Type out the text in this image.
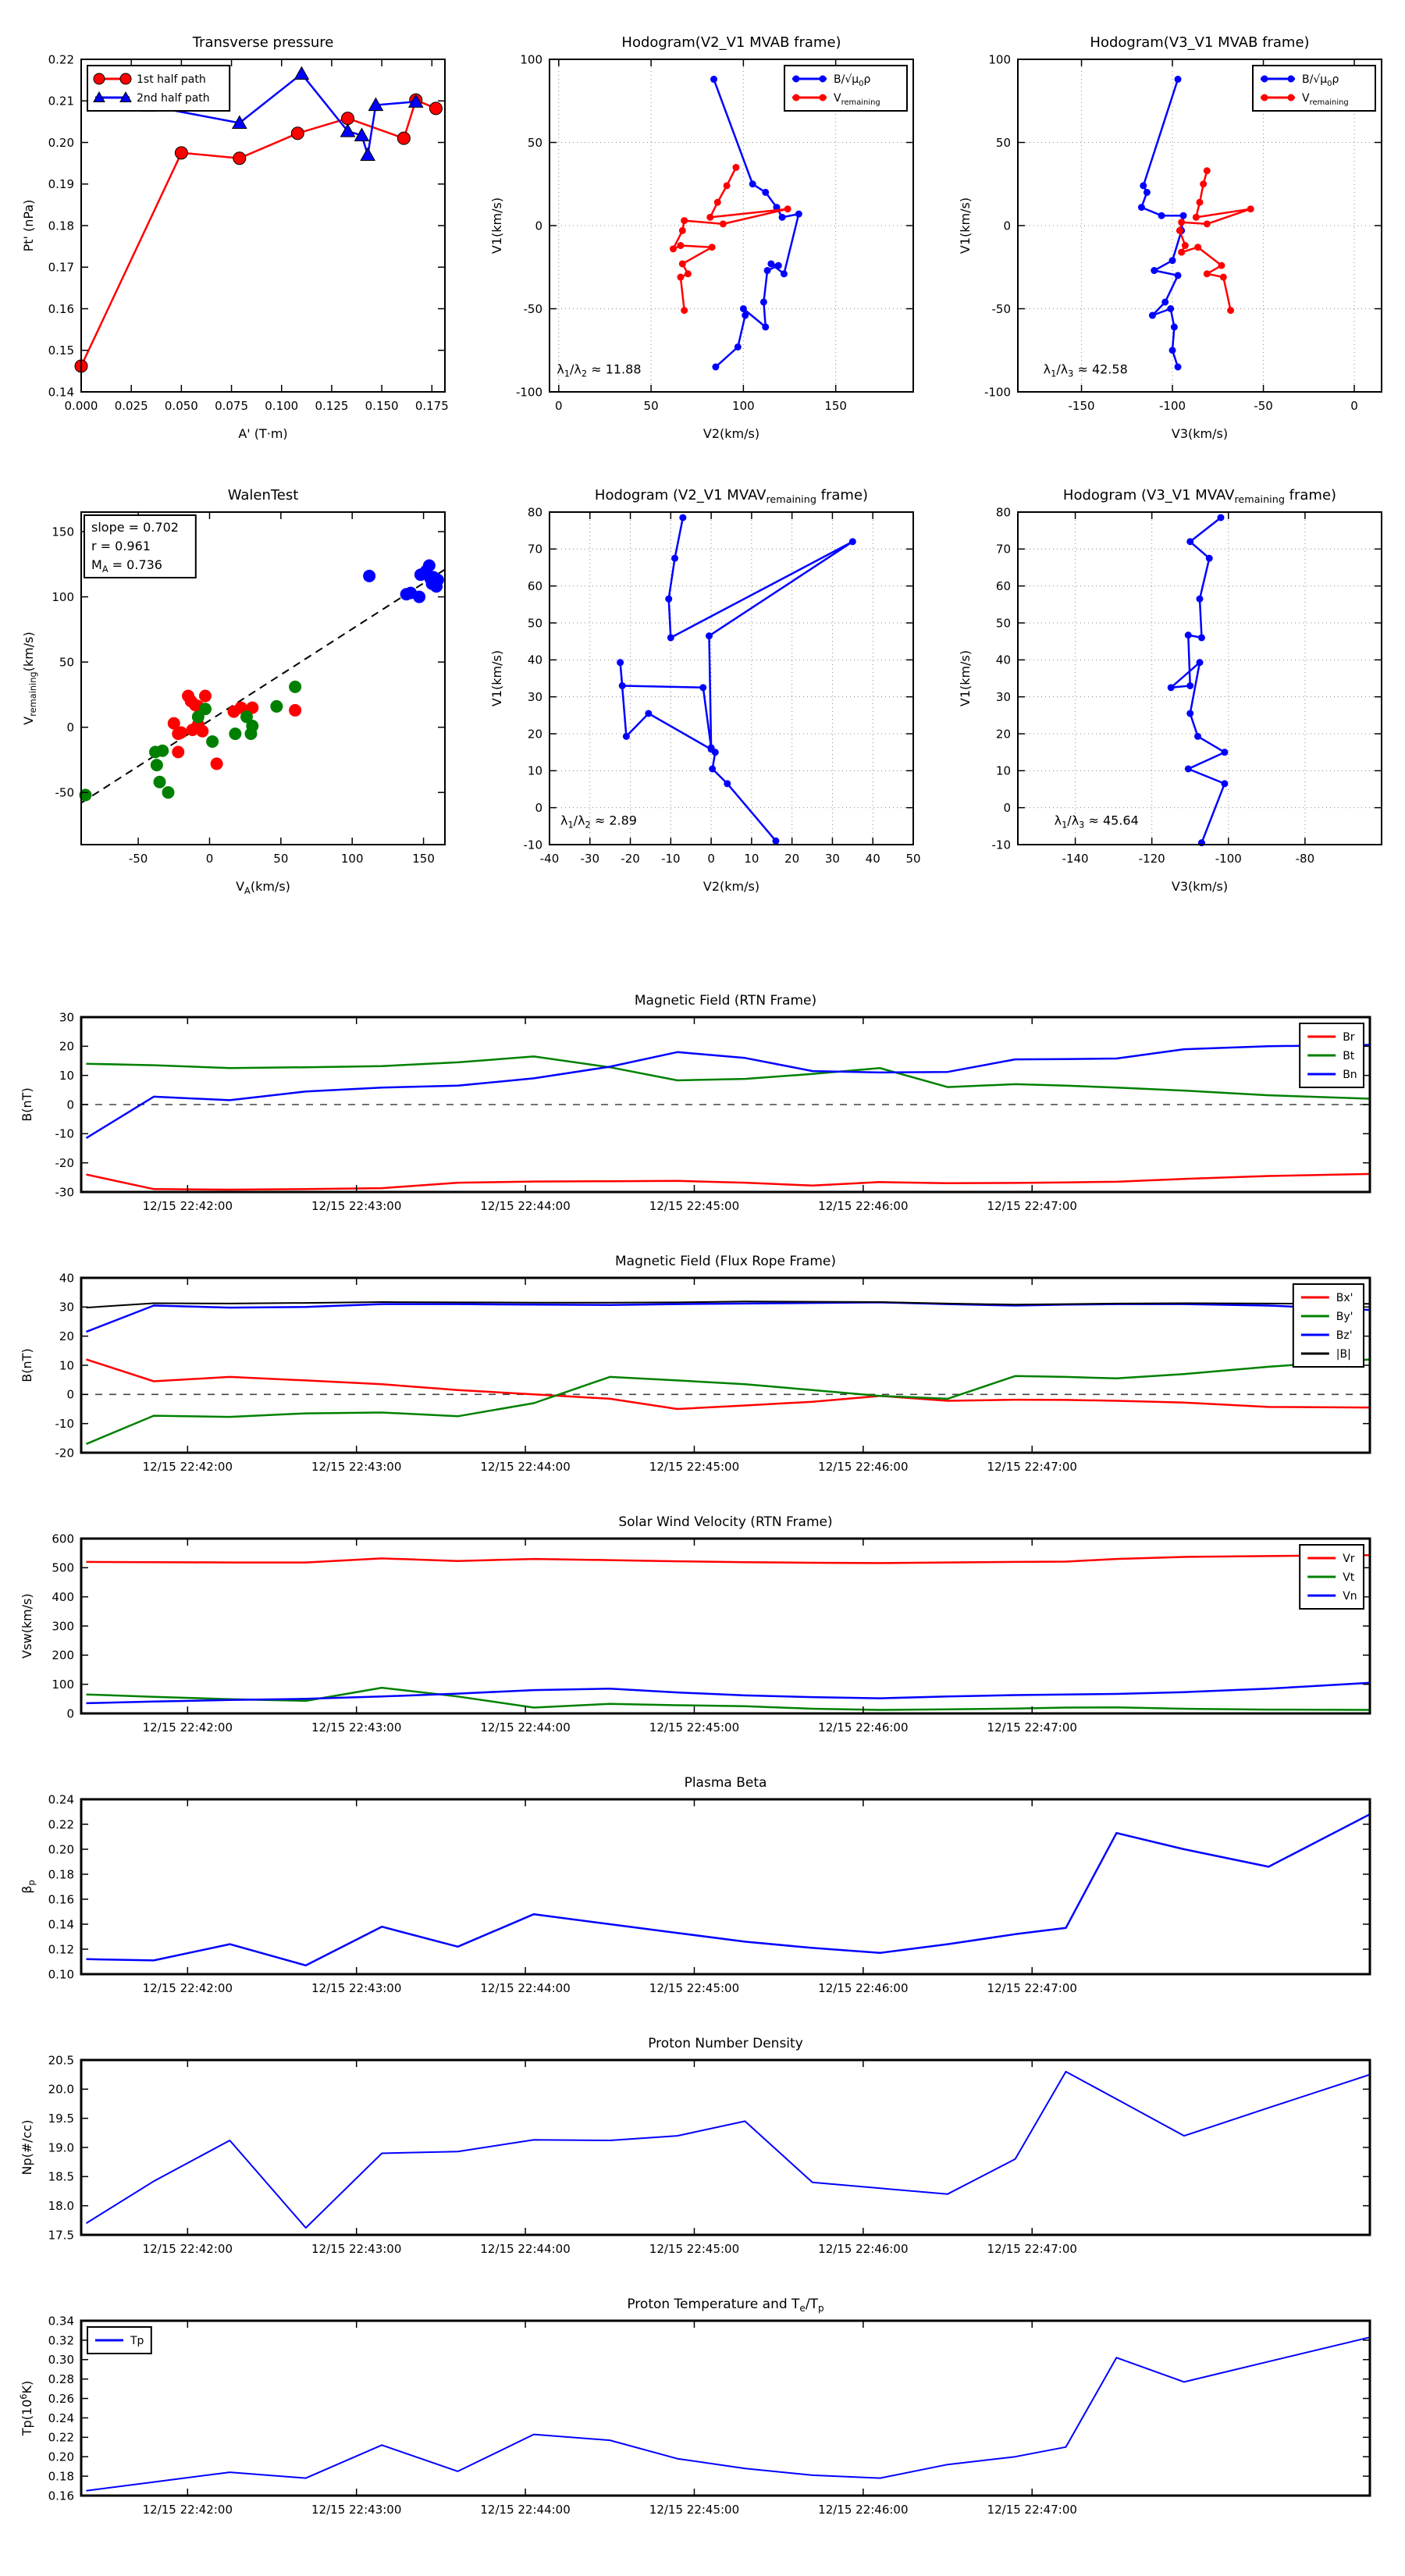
0.000 0.025 0.050 0.075 0.100 0.125 0.150 0.175
0.14
0.15
0.16
0.17
0.18
0.19
0.20
0.21
0.22
Transverse pressure
A' (T·m)
Pt' (nPa)
1st half path
2nd half path
0	50	100	150
-100
-50
0
50
100
Hodogram(V2_V1 MVAB frame)
V2(km/s)
V1(km/s)
$B/√\mu_0\rho$
$V_{remaining}$
$\lambda_1/\lambda_2 \approx 11.88$
-150	-100	-50	0
-100
-50
0
50
100
Hodogram(V3_V1 MVAB frame)
V3(km/s)
V1(km/s)
$B/√\mu_0\rho$
$V_{remaining}$
$\lambda_1/\lambda_3 \approx 42.58$
-50	0	50	100	150
-50
0
50
100
150
WalenTest
$V_A(km/s)$
$V_{remaining}(km/s)$
slope = 0.702
r = 0.961
$M_A = 0.736$
-40 -30 -20 -10 0 10 20 30 40 50
-10
0
10
20
30
40
50
60
70
80
Hodogram (V2_V1 $MVAV_{remaining}$ frame)
V2(km/s)
V1(km/s)
$\lambda_1/\lambda_2 \approx 2.89$
-140	-120	-100	-80
-10
0
10
20
30
40
50
60
70
80
Hodogram (V3_V1 $MVAV_{remaining}$ frame)
V3(km/s)
V1(km/s)
$\lambda_1/\lambda_3 \approx 45.64$
12/15 22:42:00	12/15 22:43:00	12/15 22:44:00	12/15 22:45:00	12/15 22:46:00	12/15 22:47:00
-30
-20
-10
0
10
20
30
Magnetic Field (RTN Frame)
B(nT)
Br
Bt
Bn
12/15 22:42:00	12/15 22:43:00	12/15 22:44:00	12/15 22:45:00	12/15 22:46:00	12/15 22:47:00
-20
-10
0
10
20
30
40
Magnetic Field (Flux Rope Frame)
B(nT)
Bx'
By'
Bz'
|B|
12/15 22:42:00	12/15 22:43:00	12/15 22:44:00	12/15 22:45:00	12/15 22:46:00	12/15 22:47:00
0
100
200
300
400
500
600
Solar Wind Velocity (RTN Frame)
Vsw(km/s)
Vr
Vt
Vn
12/15 22:42:00	12/15 22:43:00	12/15 22:44:00	12/15 22:45:00	12/15 22:46:00	12/15 22:47:00
0.10
0.12
0.14
0.16
0.18
0.20
0.22
0.24
Plasma Beta
$\beta_p$
12/15 22:42:00	12/15 22:43:00	12/15 22:44:00	12/15 22:45:00	12/15 22:46:00	12/15 22:47:00
17.5
18.0
18.5
19.0
19.5
20.0
20.5
Proton Number Density
Np(#/cc)
12/15 22:42:00	12/15 22:43:00	12/15 22:44:00	12/15 22:45:00	12/15 22:46:00	12/15 22:47:00
0.16
0.18
0.20
0.22
0.24
0.26
0.28
0.30
0.32
0.34
Proton Temperature and $T_e/T_p$
$Tp(10^6K)$
Tp
